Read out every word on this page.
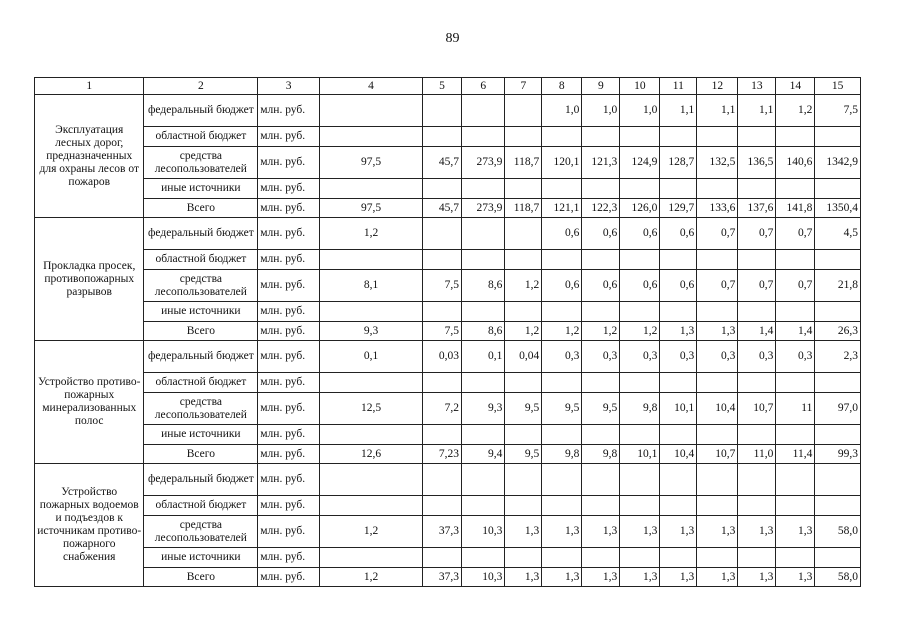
89
1	2	3	4	5	6	7	8	9	10	11	12	13	14	15
Эксплуатация лесных дорог, предназначенных для охраны лесов от пожаров	федеральный бюджет	млн. руб.					1,0	1,0	1,0	1,1	1,1	1,1	1,2	7,5
	областной бюджет	млн. руб.												
	средства лесопользователей	млн. руб.	97,5	45,7	273,9	118,7	120,1	121,3	124,9	128,7	132,5	136,5	140,6	1342,9
	иные источники	млн. руб.												
	Всего	млн. руб.	97,5	45,7	273,9	118,7	121,1	122,3	126,0	129,7	133,6	137,6	141,8	1350,4
Прокладка просек, противопожарных разрывов	федеральный бюджет	млн. руб.	1,2				0,6	0,6	0,6	0,6	0,7	0,7	0,7	4,5
	областной бюджет	млн. руб.												
	средства лесопользователей	млн. руб.	8,1	7,5	8,6	1,2	0,6	0,6	0,6	0,6	0,7	0,7	0,7	21,8
	иные источники	млн. руб.												
	Всего	млн. руб.	9,3	7,5	8,6	1,2	1,2	1,2	1,2	1,3	1,3	1,4	1,4	26,3
Устройство противо-пожарных минерализованных полос	федеральный бюджет	млн. руб.	0,1	0,03	0,1	0,04	0,3	0,3	0,3	0,3	0,3	0,3	0,3	2,3
	областной бюджет	млн. руб.												
	средства лесопользователей	млн. руб.	12,5	7,2	9,3	9,5	9,5	9,5	9,8	10,1	10,4	10,7	11	97,0
	иные источники	млн. руб.												
	Всего	млн. руб.	12,6	7,23	9,4	9,5	9,8	9,8	10,1	10,4	10,7	11,0	11,4	99,3
Устройство пожарных водоемов и подъездов к источникам противо-пожарного снабжения	федеральный бюджет	млн. руб.												
	областной бюджет	млн. руб.												
	средства лесопользователей	млн. руб.	1,2	37,3	10,3	1,3	1,3	1,3	1,3	1,3	1,3	1,3	1,3	58,0
	иные источники	млн. руб.												
	Всего	млн. руб.	1,2	37,3	10,3	1,3	1,3	1,3	1,3	1,3	1,3	1,3	1,3	58,0
